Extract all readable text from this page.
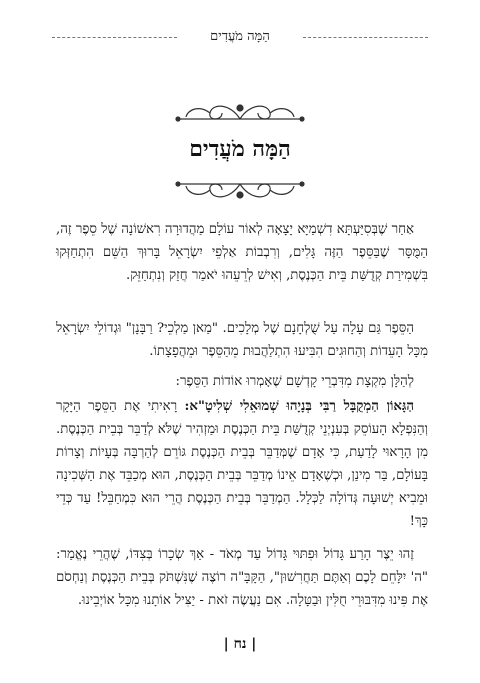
הַמָּה מֹעֲדִים
הַמָּה מֹעֲדִים

אַחַר שֶׁבְּסִיַּעְתָּא דִשְׁמַיָּא יָצָאָה לְאוֹר עוֹלָם מַהֲדוּרָה רִאשׁוֹנָה שֶׁל סֵפֶר זֶה, הַמֻּסָּר שֶׁבַּסֵּפֶר הַזֶּה גָּלִים, וְרִבְבוֹת אַלְפֵי יִשְׂרָאֵל בָּרוּךְ הַשֵּׁם הִתְחַזְּקוּ בִּשְׁמִירַת קְדֻשַּׁת בֵּית הַכְּנֶסֶת, וְאִישׁ לְרֵעֵהוּ יֹאמַר חֲזַק וְנִתְחַזֵּק.

הַסֵּפֶר גַּם עָלָה עַל שֻׁלְחָנָם שֶׁל מְלָכִים. "מַאן מַלְכֵי? רַבָּנָן" וּגְדוֹלֵי יִשְׂרָאֵל מִכָּל הָעֵדוֹת וְהַחוּגִים הִבִּיעוּ הִתְלַהֲבוּת מֵהַסֵּפֶר וּמֵהֲפָצָתוֹ.

לְהַלָּן מִקְצָת מִדִּבְרֵי קָדְשָׁם שֶׁאָמְרוּ אוֹדוֹת הַסֵּפֶר:

הַגָּאוֹן הַמְקֻבָּל רַבִּי בְּנָיָהוּ שְׁמוּאֵלִי שְׁלִיטָ"א: רָאִיתִי אֶת הַסֵּפֶר הַיָּקָר וְהַנִּפְלָא הָעוֹסֵק בְּעִנְיְנֵי קְדֻשַּׁת בֵּית הַכְּנֶסֶת וּמַזְהִיר שֶׁלֹּא לְדַבֵּר בְּבֵית הַכְּנֶסֶת. מִן הָרָאוּי לָדַעַת, כִּי אָדָם שֶׁמְּדַבֵּר בְּבֵית הַכְּנֶסֶת גּוֹרֵם לְהַרְבָּה בְּעָיוֹת וְצָרוֹת בָּעוֹלָם, בַּר מִינַן, וּכְשֶׁאָדָם אֵינוֹ מְדַבֵּר בְּבֵית הַכְּנֶסֶת, הוּא מְכַבֵּד אֶת הַשְּׁכִינָה וּמֵבִיא יְשׁוּעָה גְּדוֹלָה לַכְּלָל. הַמְדַבֵּר בְּבֵית הַכְּנֶסֶת הֲרֵי הוּא כִּמְחַבֵּל! עַד כְּדֵי כָּךְ!

זֶהוּ יֵצֶר הָרַע גָּדוֹל וּפִתּוּי גָּדוֹל עַד מְאֹד - אַךְ שְׂכָרוֹ בְּצִדּוֹ, שֶׁהֲרֵי נֶאֱמַר: "ה' יִלָּחֵם לָכֶם וְאַתֶּם תַּחֲרִשׁוּן", הַקָּבָּ"ה רוֹצֶה שֶׁנִּשְׁתֹּק בְּבֵית הַכְּנֶסֶת וְנַחְסֹם אֶת פִּינוּ מִדִּבּוּרֵי חֻלִּין וּבַטָּלָה. אִם נַעֲשֶׂה זֹאת - יַצִּיל אוֹתָנוּ מִכָּל אוֹיְבֵינוּ.

| נח |
